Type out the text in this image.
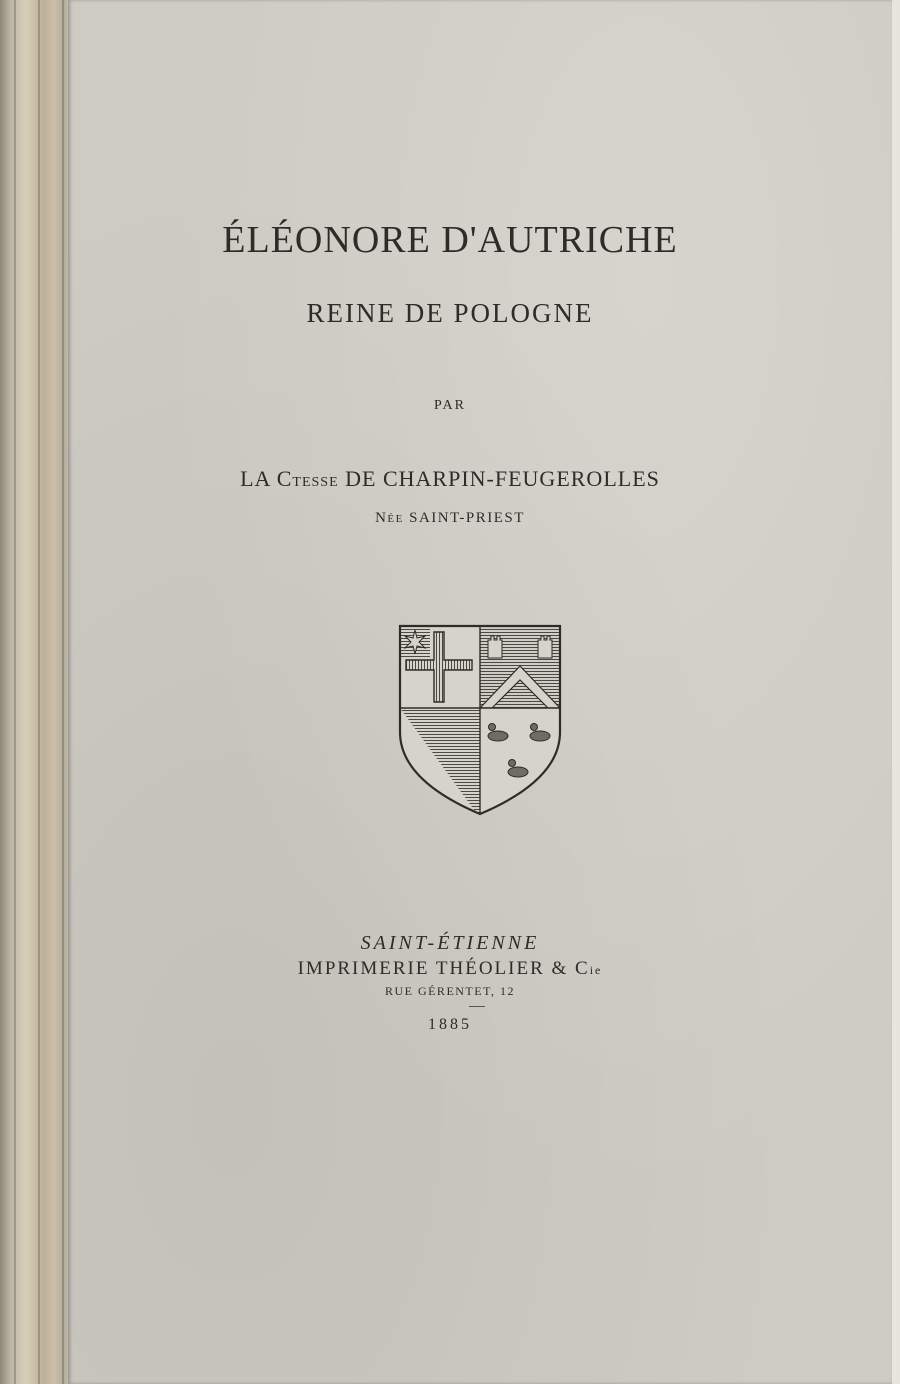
ÉLÉONORE D'AUTRICHE
REINE DE POLOGNE
PAR
LA CTESSE DE CHARPIN-FEUGEROLLES
NÉE SAINT-PRIEST
SAINT-ÉTIENNE
IMPRIMERIE THÉOLIER & Cie
RUE GÉRENTET, 12
1885
